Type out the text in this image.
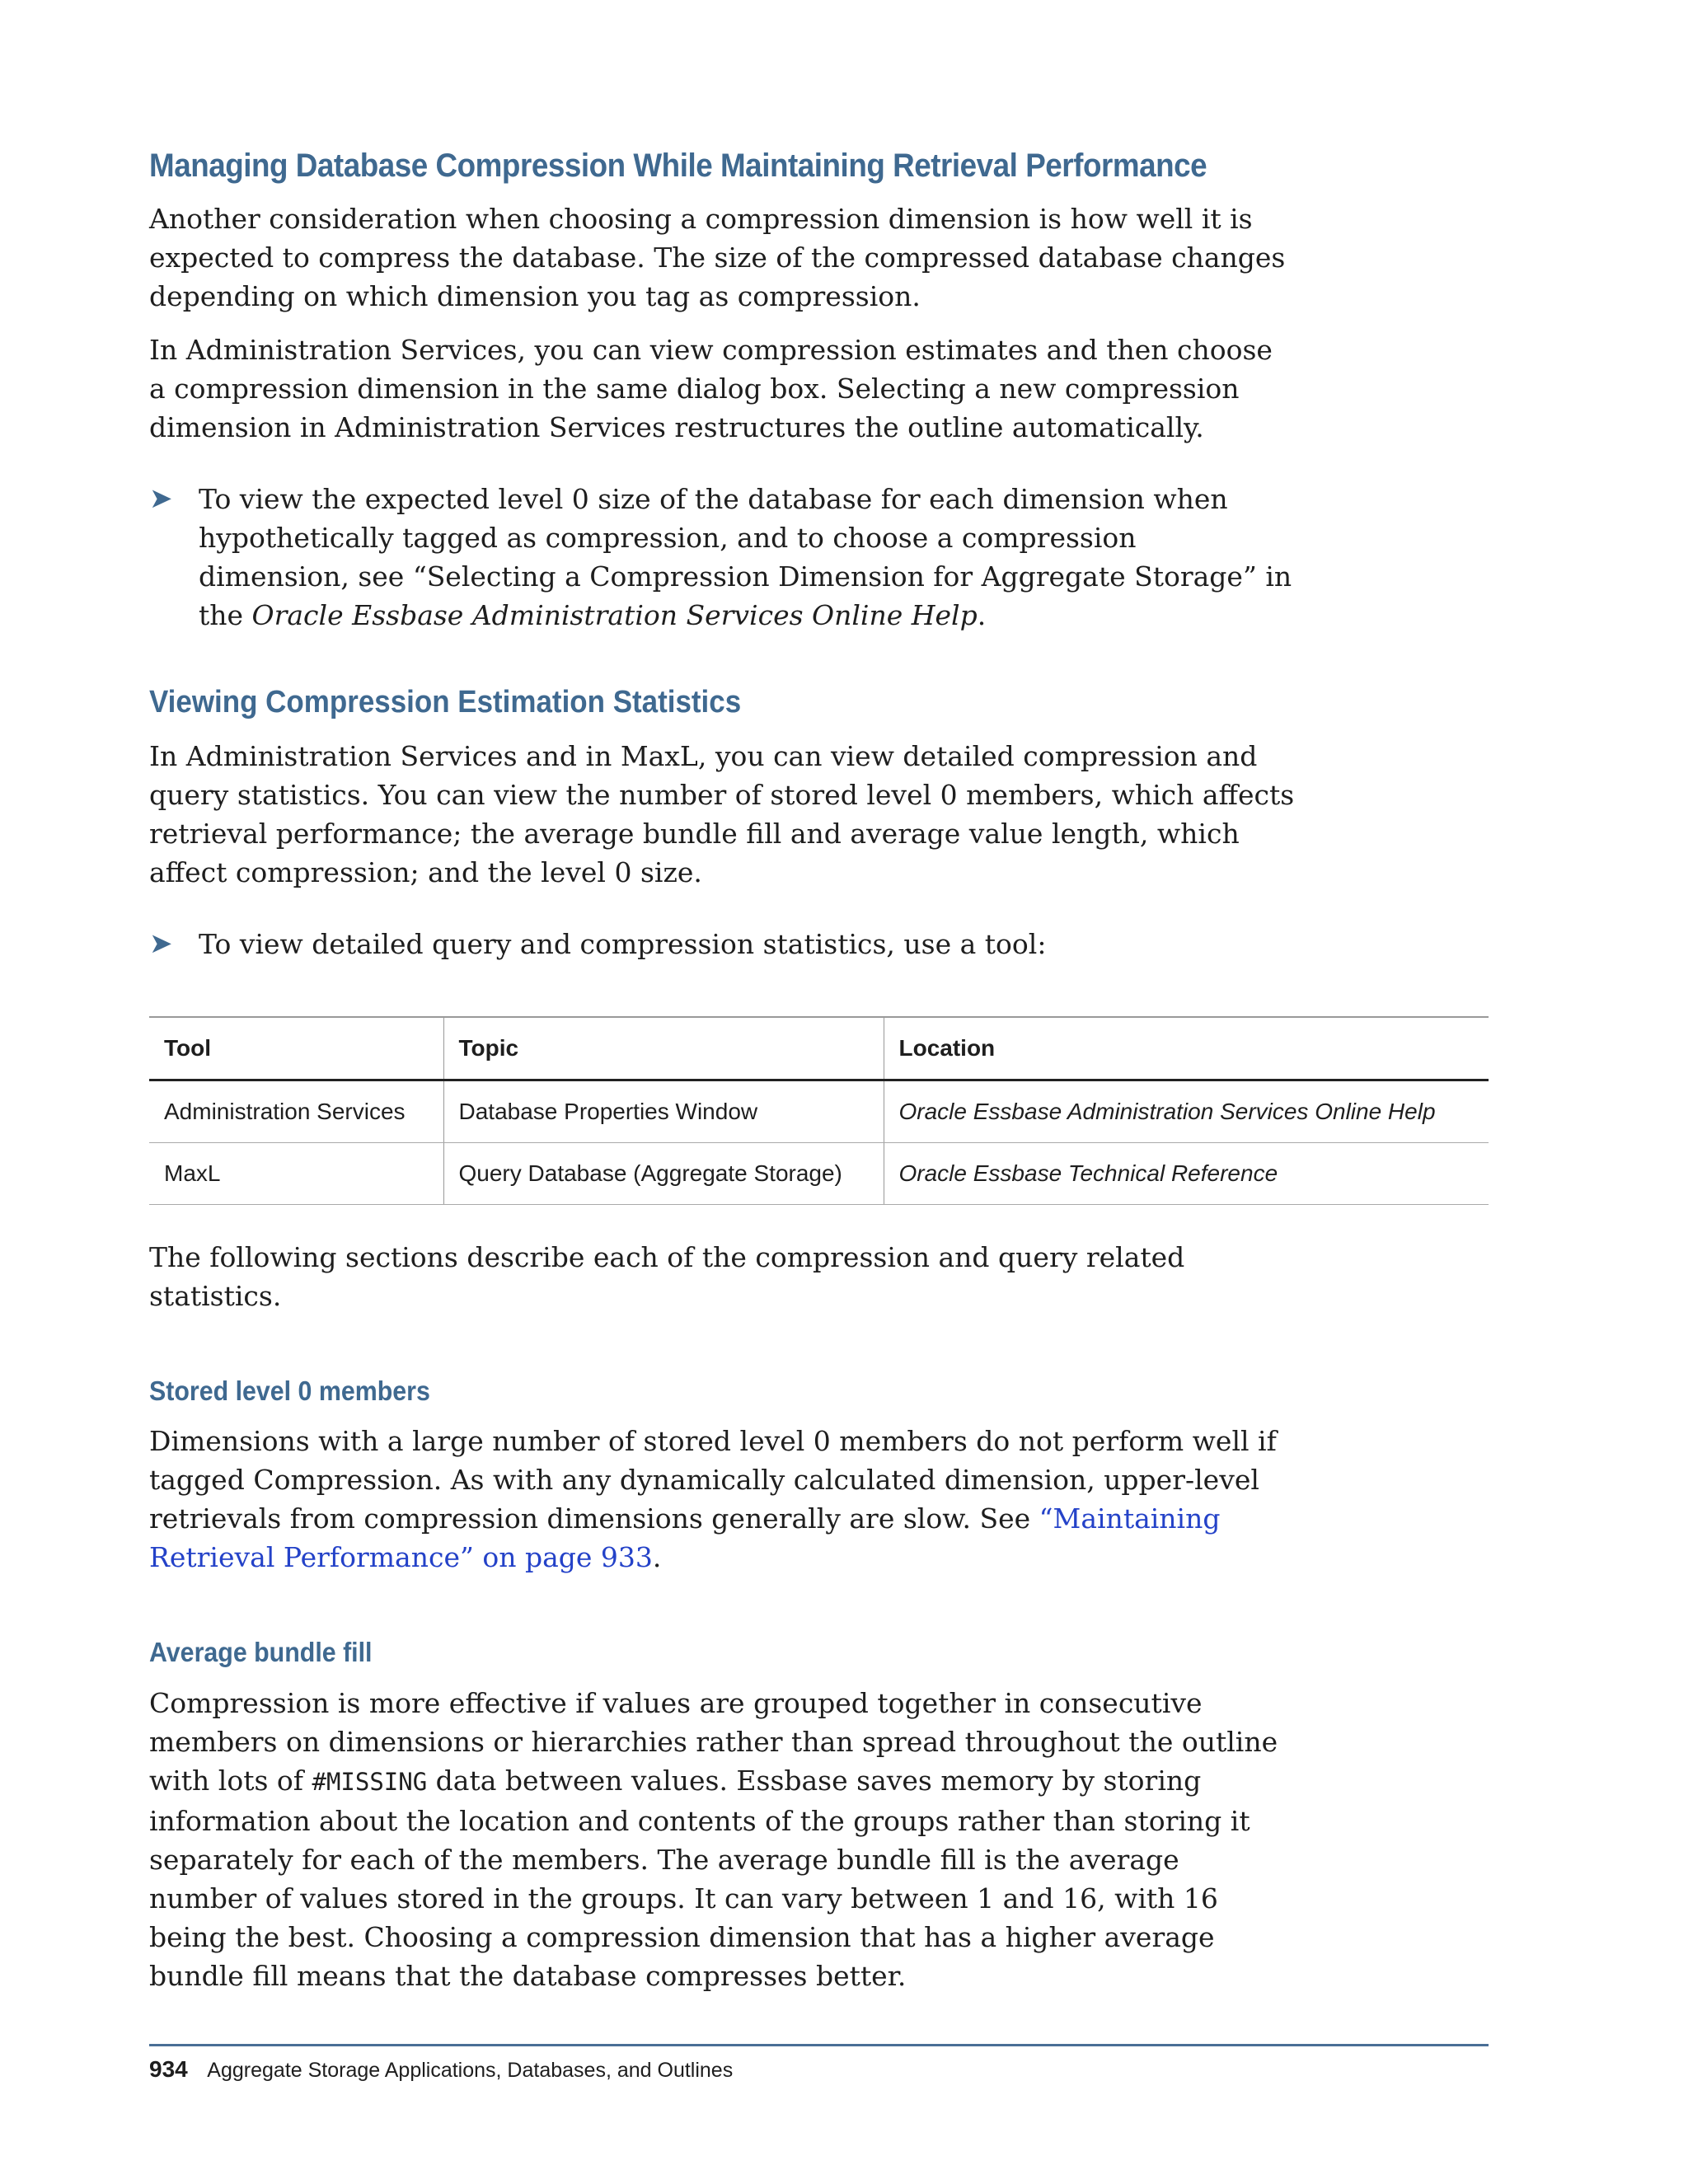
Managing Database Compression While Maintaining Retrieval Performance

Another consideration when choosing a compression dimension is how well it is expected to compress the database. The size of the compressed database changes depending on which dimension you tag as compression.

In Administration Services, you can view compression estimates and then choose a compression dimension in the same dialog box. Selecting a new compression dimension in Administration Services restructures the outline automatically.

➤ To view the expected level 0 size of the database for each dimension when hypothetically tagged as compression, and to choose a compression dimension, see “Selecting a Compression Dimension for Aggregate Storage” in the Oracle Essbase Administration Services Online Help.
Viewing Compression Estimation Statistics

In Administration Services and in MaxL, you can view detailed compression and query statistics. You can view the number of stored level 0 members, which affects retrieval performance; the average bundle fill and average value length, which affect compression; and the level 0 size.

➤ To view detailed query and compression statistics, use a tool:
Tool	Topic	Location
Administration Services	Database Properties Window	Oracle Essbase Administration Services Online Help
MaxL	Query Database (Aggregate Storage)	Oracle Essbase Technical Reference

The following sections describe each of the compression and query related statistics.

Stored level 0 members

Dimensions with a large number of stored level 0 members do not perform well if tagged Compression. As with any dynamically calculated dimension, upper-level retrievals from compression dimensions generally are slow. See “Maintaining Retrieval Performance” on page 933.

Average bundle fill

Compression is more effective if values are grouped together in consecutive members on dimensions or hierarchies rather than spread throughout the outline with lots of #MISSING data between values. Essbase saves memory by storing information about the location and contents of the groups rather than storing it separately for each of the members. The average bundle fill is the average number of values stored in the groups. It can vary between 1 and 16, with 16 being the best. Choosing a compression dimension that has a higher average bundle fill means that the database compresses better.

934 Aggregate Storage Applications, Databases, and Outlines
